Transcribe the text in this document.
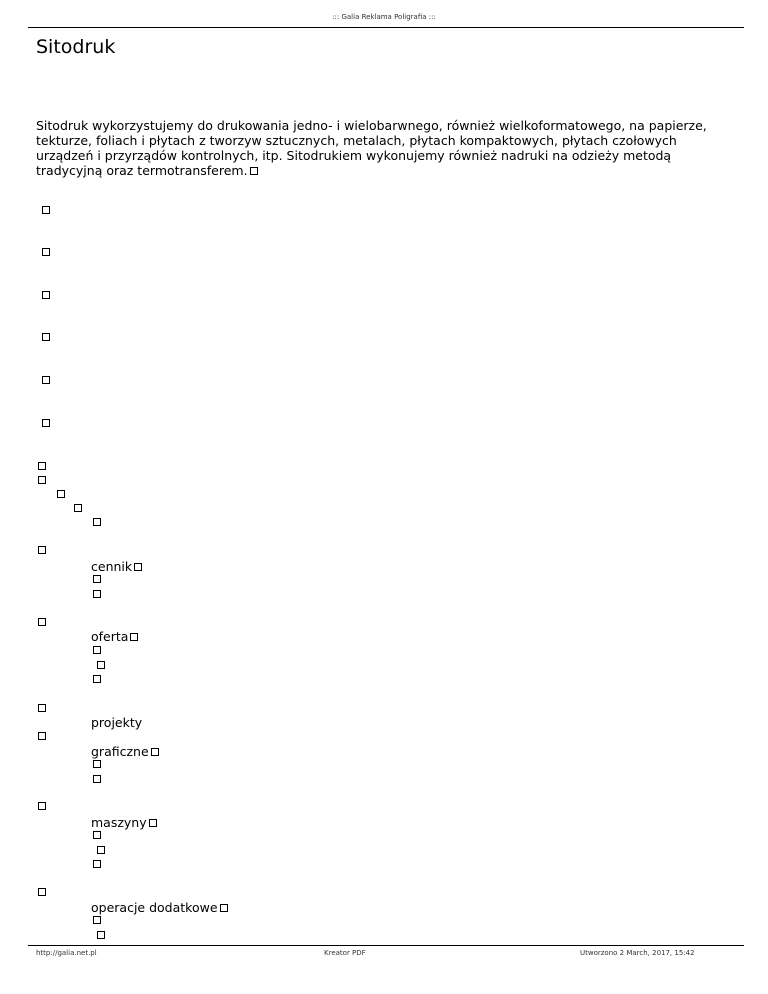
::: Galia Reklama Poligrafia :::
Sitodruk
Sitodruk wykorzystujemy do drukowania jedno- i wielobarwnego, również wielkoformatowego, na papierze, tekturze, foliach i płytach z tworzyw sztucznych, metalach, płytach kompaktowych, płytach czołowych urządzeń i przyrządów kontrolnych, itp. Sitodrukiem wykonujemy również nadruki na odzieży metodą tradycyjną oraz termotransferem.
cennik
oferta
projekty
graficzne
maszyny
operacje dodatkowe
http://galia.net.pl	Kreator PDF	Utworzono 2 March, 2017, 15:42
